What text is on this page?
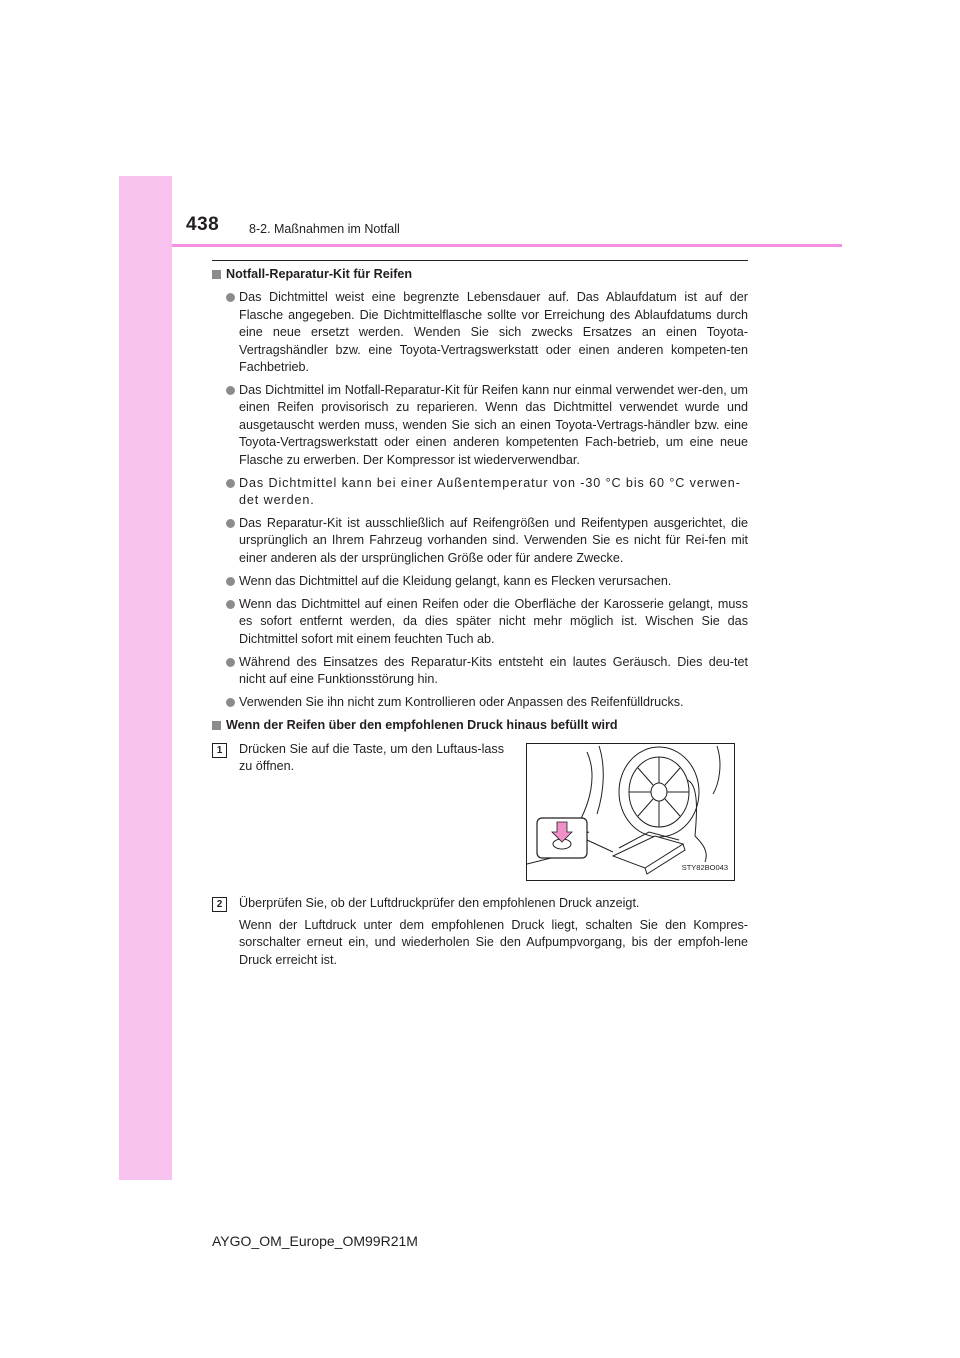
438 8-2. Maßnahmen im Notfall
Notfall-Reparatur-Kit für Reifen
Das Dichtmittel weist eine begrenzte Lebensdauer auf. Das Ablaufdatum ist auf der Flasche angegeben. Die Dichtmittelflasche sollte vor Erreichung des Ablaufdatums durch eine neue ersetzt werden. Wenden Sie sich zwecks Ersatzes an einen Toyota-Vertragshändler bzw. eine Toyota-Vertragswerkstatt oder einen anderen kompeten-ten Fachbetrieb.
Das Dichtmittel im Notfall-Reparatur-Kit für Reifen kann nur einmal verwendet wer-den, um einen Reifen provisorisch zu reparieren. Wenn das Dichtmittel verwendet wurde und ausgetauscht werden muss, wenden Sie sich an einen Toyota-Vertrags-händler bzw. eine Toyota-Vertragswerkstatt oder einen anderen kompetenten Fach-betrieb, um eine neue Flasche zu erwerben. Der Kompressor ist wiederverwendbar.
Das Dichtmittel kann bei einer Außentemperatur von -30 °C bis 60 °C verwen-det werden.
Das Reparatur-Kit ist ausschließlich auf Reifengrößen und Reifentypen ausgerichtet, die ursprünglich an Ihrem Fahrzeug vorhanden sind. Verwenden Sie es nicht für Rei-fen mit einer anderen als der ursprünglichen Größe oder für andere Zwecke.
Wenn das Dichtmittel auf die Kleidung gelangt, kann es Flecken verursachen.
Wenn das Dichtmittel auf einen Reifen oder die Oberfläche der Karosserie gelangt, muss es sofort entfernt werden, da dies später nicht mehr möglich ist. Wischen Sie das Dichtmittel sofort mit einem feuchten Tuch ab.
Während des Einsatzes des Reparatur-Kits entsteht ein lautes Geräusch. Dies deu-tet nicht auf eine Funktionsstörung hin.
Verwenden Sie ihn nicht zum Kontrollieren oder Anpassen des Reifenfülldrucks.
Wenn der Reifen über den empfohlenen Druck hinaus befüllt wird
1	Drücken Sie auf die Taste, um den Luftaus-lass zu öffnen.
STY82BO043
2	Überprüfen Sie, ob der Luftdruckprüfer den empfohlenen Druck anzeigt.

Wenn der Luftdruck unter dem empfohlenen Druck liegt, schalten Sie den Kompres-sorschalter erneut ein, und wiederholen Sie den Aufpumpvorgang, bis der empfoh-lene Druck erreicht ist.

AYGO_OM_Europe_OM99R21M
